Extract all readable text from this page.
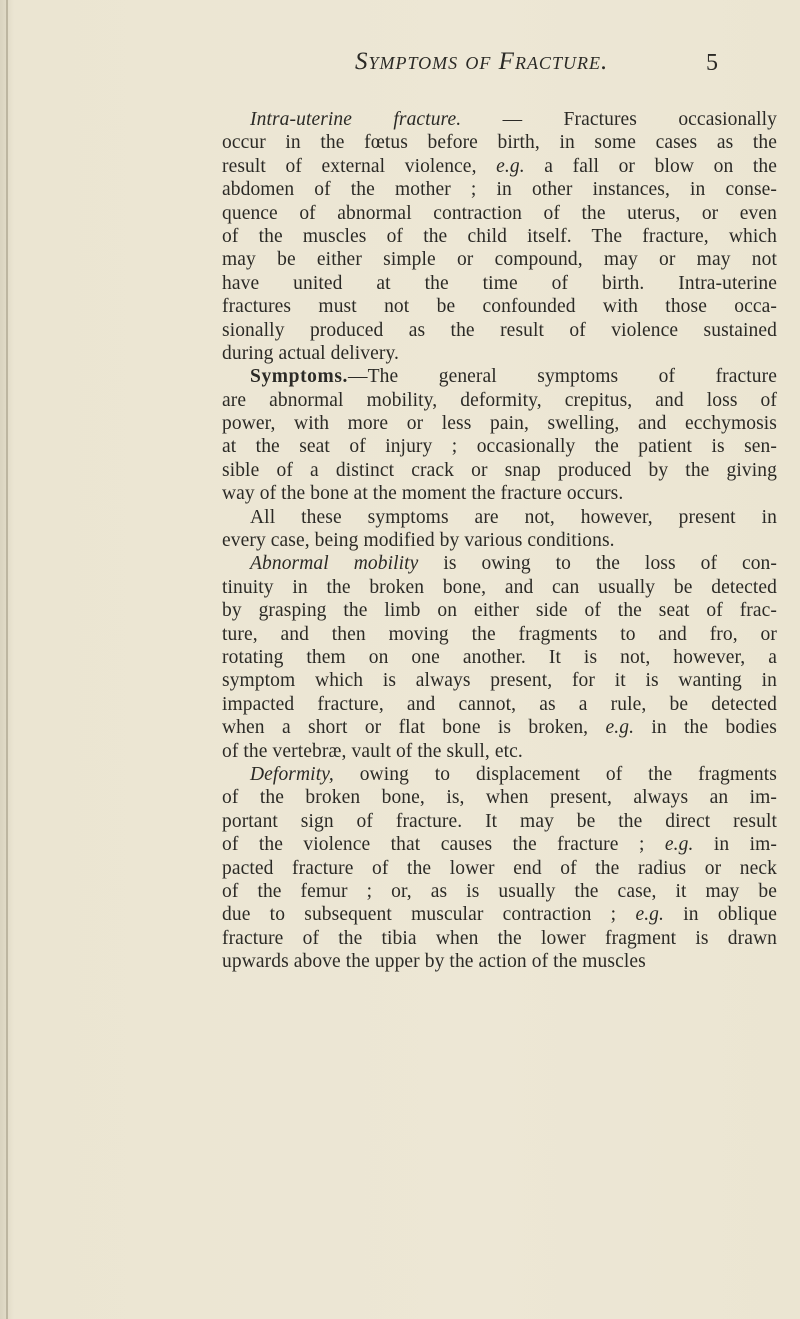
Symptoms of Fracture.	5
Intra-uterine fracture. — Fractures occasionally
occur in the fœtus before birth, in some cases as the
result of external violence, e.g. a fall or blow on the
abdomen of the mother ; in other instances, in conse-
quence of abnormal contraction of the uterus, or even
of the muscles of the child itself. The fracture, which
may be either simple or compound, may or may not
have united at the time of birth. Intra-uterine
fractures must not be confounded with those occa-
sionally produced as the result of violence sustained
during actual delivery.
Symptoms.—The general symptoms of fracture
are abnormal mobility, deformity, crepitus, and loss of
power, with more or less pain, swelling, and ecchymosis
at the seat of injury ; occasionally the patient is sen-
sible of a distinct crack or snap produced by the giving
way of the bone at the moment the fracture occurs.
All these symptoms are not, however, present in
every case, being modified by various conditions.
Abnormal mobility is owing to the loss of con-
tinuity in the broken bone, and can usually be detected
by grasping the limb on either side of the seat of frac-
ture, and then moving the fragments to and fro, or
rotating them on one another. It is not, however, a
symptom which is always present, for it is wanting in
impacted fracture, and cannot, as a rule, be detected
when a short or flat bone is broken, e.g. in the bodies
of the vertebræ, vault of the skull, etc.
Deformity, owing to displacement of the fragments
of the broken bone, is, when present, always an im-
portant sign of fracture. It may be the direct result
of the violence that causes the fracture ; e.g. in im-
pacted fracture of the lower end of the radius or neck
of the femur ; or, as is usually the case, it may be
due to subsequent muscular contraction ; e.g. in oblique
fracture of the tibia when the lower fragment is drawn
upwards above the upper by the action of the muscles
